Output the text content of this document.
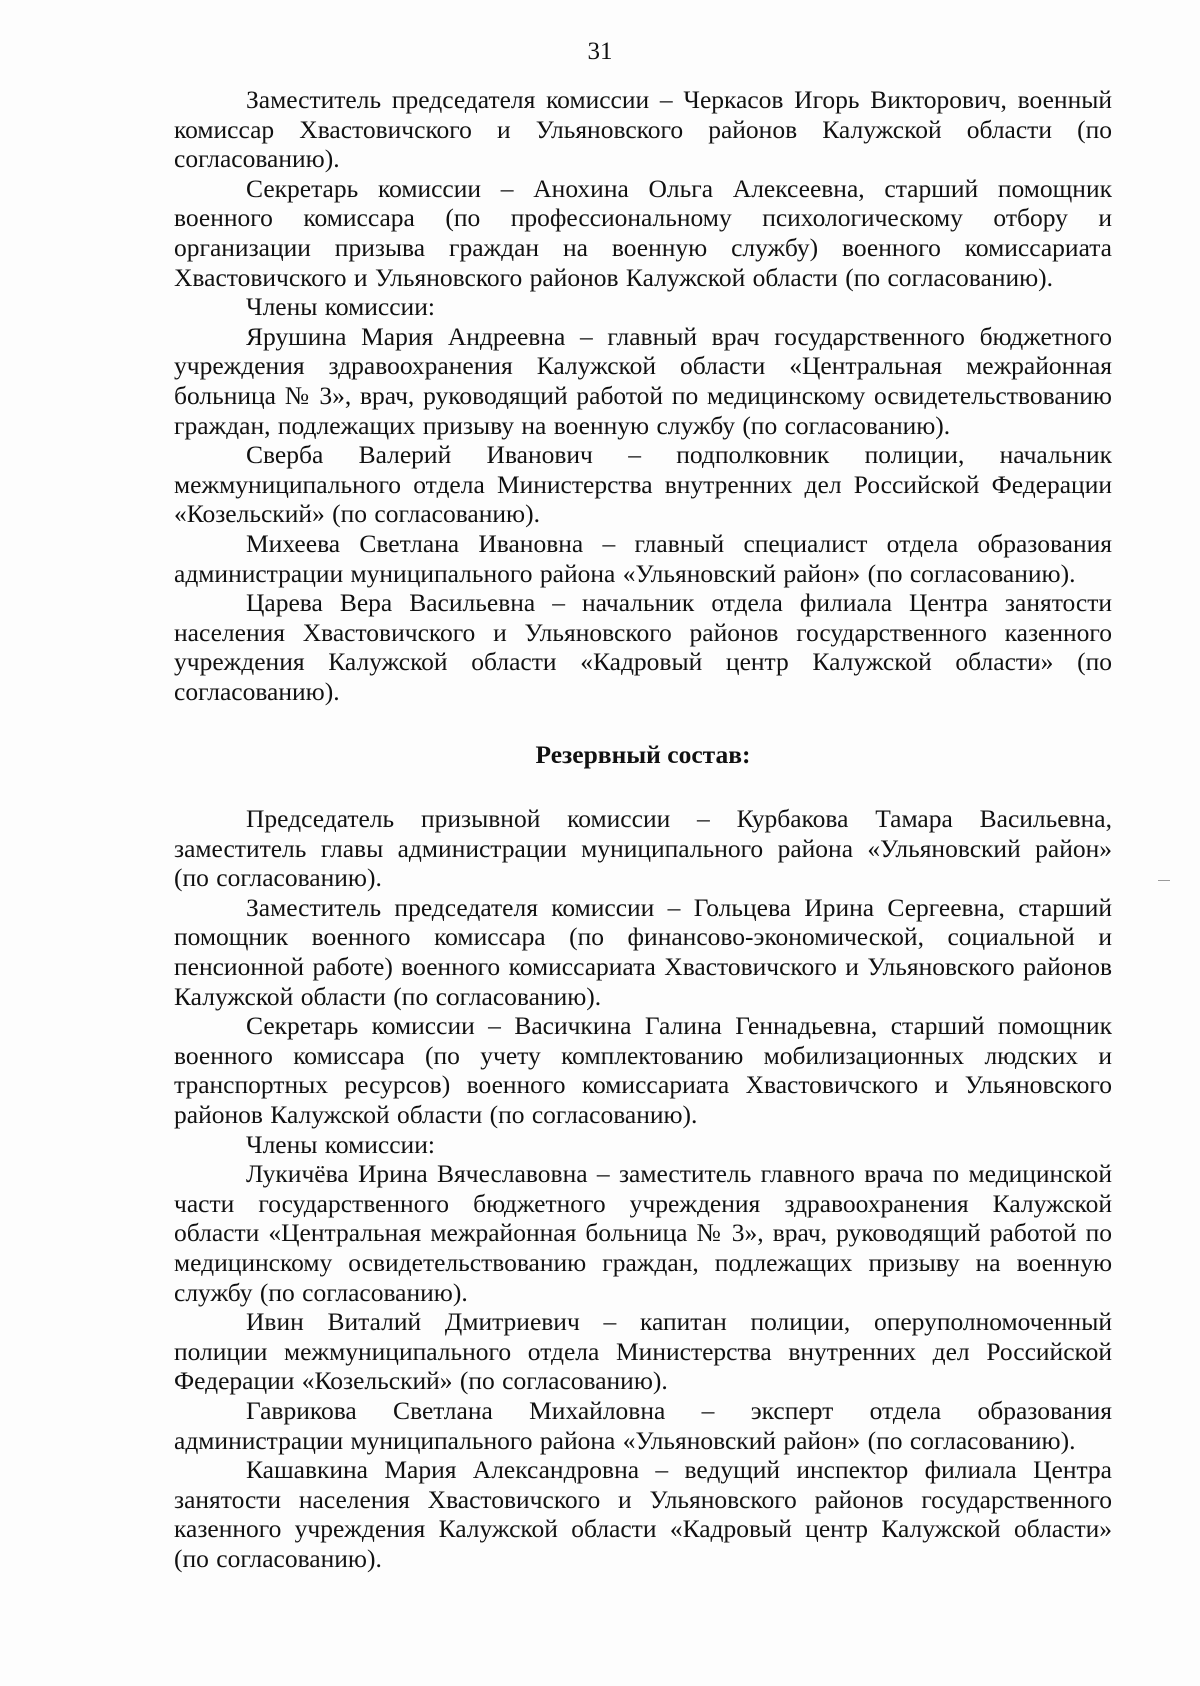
31

Заместитель председателя комиссии – Черкасов Игорь Викторович, военный комиссар Хвастовичского и Ульяновского районов Калужской области (по согласованию).

Секретарь комиссии – Анохина Ольга Алексеевна, старший помощник военного комиссара (по профессиональному психологическому отбору и организации призыва граждан на военную службу) военного комиссариата Хвастовичского и Ульяновского районов Калужской области (по согласованию).

Члены комиссии:

Ярушина Мария Андреевна – главный врач государственного бюджетного учреждения здравоохранения Калужской области «Центральная межрайонная больница № 3», врач, руководящий работой по медицинскому освидетельствованию граждан, подлежащих призыву на военную службу (по согласованию).

Сверба Валерий Иванович – подполковник полиции, начальник межмуниципального отдела Министерства внутренних дел Российской Федерации «Козельский» (по согласованию).

Михеева Светлана Ивановна – главный специалист отдела образования администрации муниципального района «Ульяновский район» (по согласованию).

Царева Вера Васильевна – начальник отдела филиала Центра занятости населения Хвастовичского и Ульяновского районов государственного казенного учреждения Калужской области «Кадровый центр Калужской области» (по согласованию).

Резервный состав:

Председатель призывной комиссии – Курбакова Тамара Васильевна, заместитель главы администрации муниципального района «Ульяновский район» (по согласованию).

Заместитель председателя комиссии – Гольцева Ирина Сергеевна, старший помощник военного комиссара (по финансово-экономической, социальной и пенсионной работе) военного комиссариата Хвастовичского и Ульяновского районов Калужской области (по согласованию).

Секретарь комиссии – Васичкина Галина Геннадьевна, старший помощник военного комиссара (по учету комплектованию мобилизационных людских и транспортных ресурсов) военного комиссариата Хвастовичского и Ульяновского районов Калужской области (по согласованию).

Члены комиссии:

Лукичёва Ирина Вячеславовна – заместитель главного врача по медицинской части государственного бюджетного учреждения здравоохранения Калужской области «Центральная межрайонная больница № 3», врач, руководящий работой по медицинскому освидетельствованию граждан, подлежащих призыву на военную службу (по согласованию).

Ивин Виталий Дмитриевич – капитан полиции, оперуполномоченный полиции межмуниципального отдела Министерства внутренних дел Российской Федерации «Козельский» (по согласованию).

Гаврикова Светлана Михайловна – эксперт отдела образования администрации муниципального района «Ульяновский район» (по согласованию).

Кашавкина Мария Александровна – ведущий инспектор филиала Центра занятости населения Хвастовичского и Ульяновского районов государственного казенного учреждения Калужской области «Кадровый центр Калужской области» (по согласованию).
